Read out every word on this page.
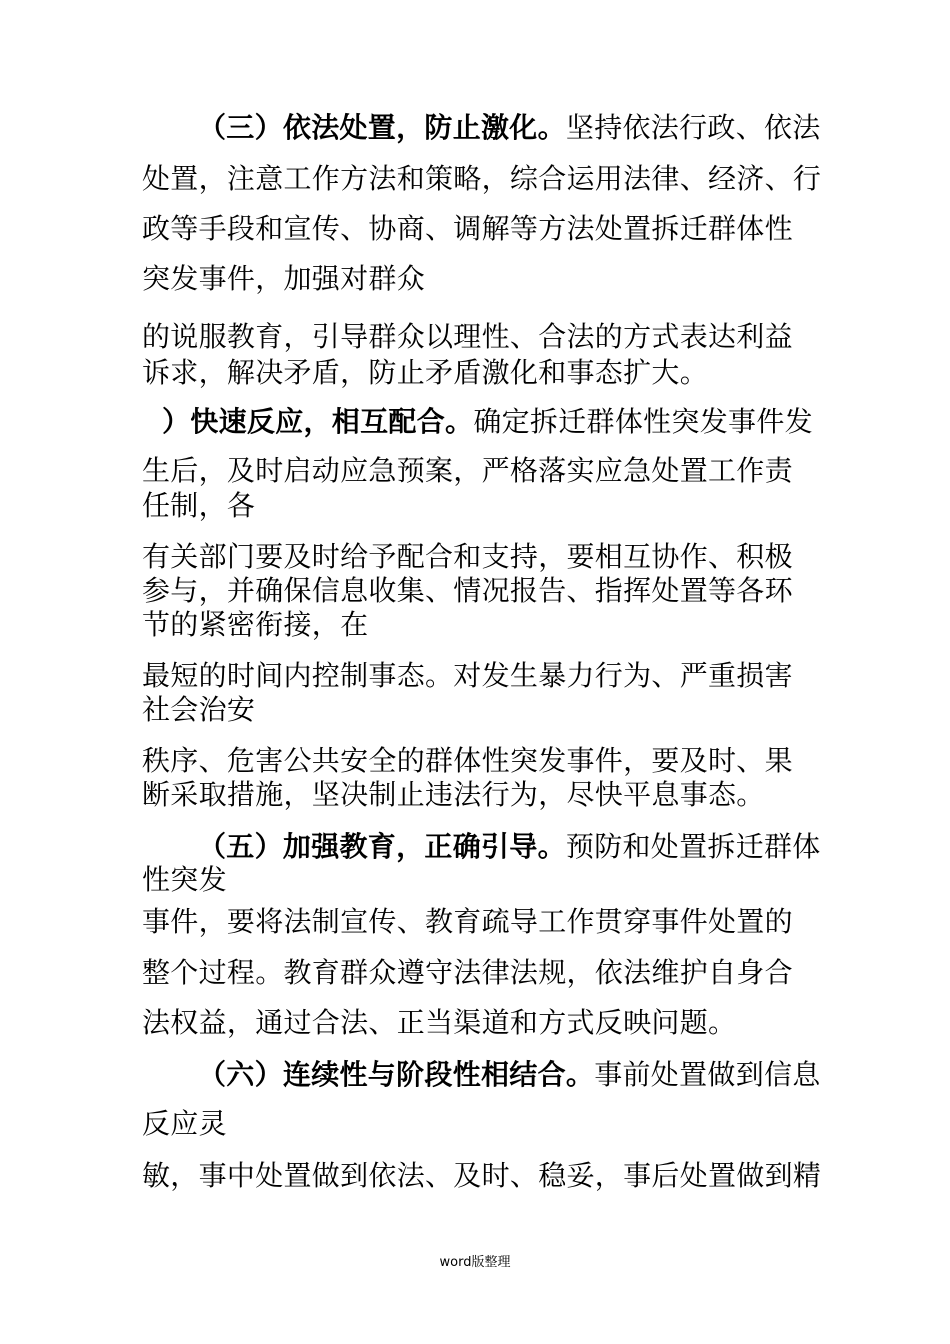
（三）依法处置，防止激化。坚持依法行政、依法
处置，注意工作方法和策略，综合运用法律、经济、行
政等手段和宣传、协商、调解等方法处置拆迁群体性
突发事件，加强对群众
的说服教育，引导群众以理性、合法的方式表达利益
诉求，解决矛盾，防止矛盾激化和事态扩大。
）快速反应，相互配合。确定拆迁群体性突发事件发
生后，及时启动应急预案，严格落实应急处置工作责
任制，各
有关部门要及时给予配合和支持，要相互协作、积极
参与，并确保信息收集、情况报告、指挥处置等各环
节的紧密衔接，在
最短的时间内控制事态。对发生暴力行为、严重损害
社会治安
秩序、危害公共安全的群体性突发事件，要及时、果
断采取措施，坚决制止违法行为，尽快平息事态。
（五）加强教育，正确引导。预防和处置拆迁群体
性突发
事件，要将法制宣传、教育疏导工作贯穿事件处置的
整个过程。教育群众遵守法律法规，依法维护自身合
法权益，通过合法、正当渠道和方式反映问题。
（六）连续性与阶段性相结合。事前处置做到信息
反应灵
敏，事中处置做到依法、及时、稳妥，事后处置做到精
word版整理
